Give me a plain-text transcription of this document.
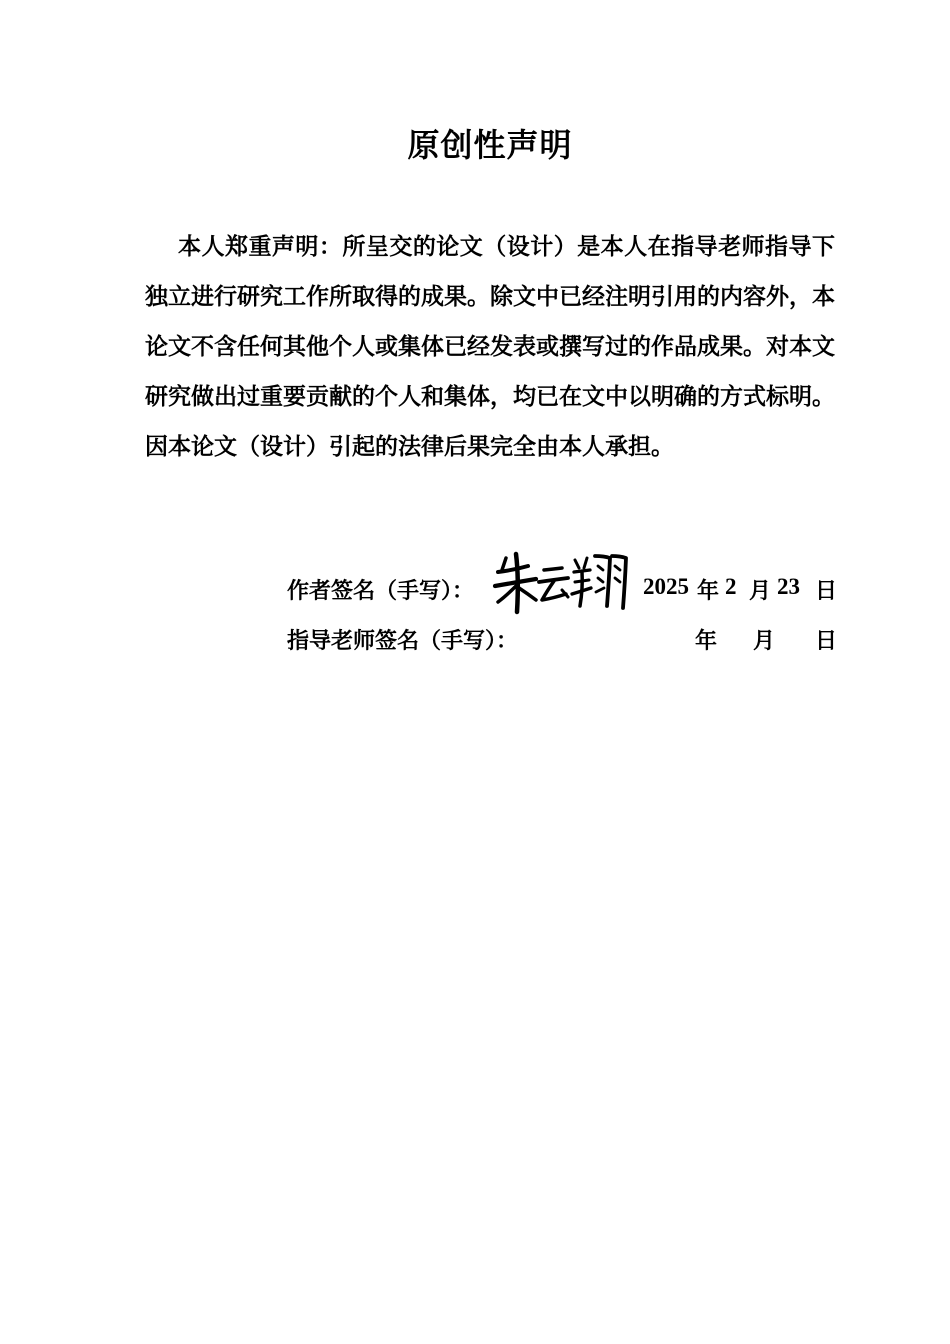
原创性声明

本人郑重声明：所呈交的论文（设计）是本人在指导老师指导下独立进行研究工作所取得的成果。除文中已经注明引用的内容外，本论文不含任何其他个人或集体已经发表或撰写过的作品成果。对本文研究做出过重要贡献的个人和集体，均已在文中以明确的方式标明。因本论文（设计）引起的法律后果完全由本人承担。

作者签名（手写）：	2025 年 2 月 23 日
指导老师签名（手写）：	年 月 日
